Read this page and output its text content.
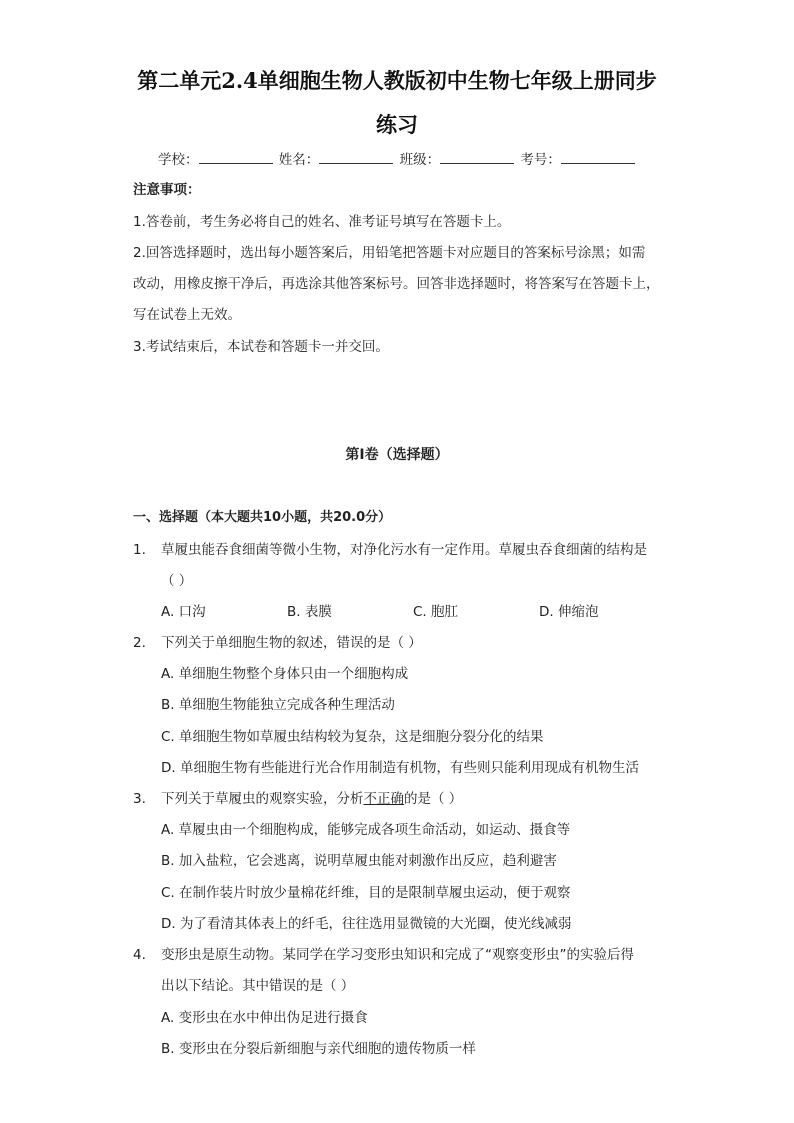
第二单元2.4单细胞生物人教版初中生物七年级上册同步
练习
学校：	姓名：	班级：	考号：
注意事项：
1.答卷前，考生务必将自己的姓名、准考证号填写在答题卡上。
2.回答选择题时，选出每小题答案后，用铅笔把答题卡对应题目的答案标号涂黑；如需
改动，用橡皮擦干净后，再选涂其他答案标号。回答非选择题时，将答案写在答题卡上，
写在试卷上无效。
3.考试结束后，本试卷和答题卡一并交回。
第I卷（选择题）
一、选择题（本大题共10小题，共20.0分）
1. 草履虫能吞食细菌等微小生物，对净化污水有一定作用。草履虫吞食细菌的结构是
（ ）
A. 口沟	B. 表膜	C. 胞肛	D. 伸缩泡
2. 下列关于单细胞生物的叙述，错误的是（ ）
A. 单细胞生物整个身体只由一个细胞构成
B. 单细胞生物能独立完成各种生理活动
C. 单细胞生物如草履虫结构较为复杂，这是细胞分裂分化的结果
D. 单细胞生物有些能进行光合作用制造有机物，有些则只能利用现成有机物生活
3. 下列关于草履虫的观察实验，分析不正确的是（ ）
A. 草履虫由一个细胞构成，能够完成各项生命活动，如运动、摄食等
B. 加入盐粒，它会逃离，说明草履虫能对刺激作出反应，趋利避害
C. 在制作装片时放少量棉花纤维，目的是限制草履虫运动，便于观察
D. 为了看清其体表上的纤毛，往往选用显微镜的大光圈，使光线减弱
4. 变形虫是原生动物。某同学在学习变形虫知识和完成了“观察变形虫”的实验后得
出以下结论。其中错误的是（ ）
A. 变形虫在水中伸出伪足进行摄食
B. 变形虫在分裂后新细胞与亲代细胞的遗传物质一样
